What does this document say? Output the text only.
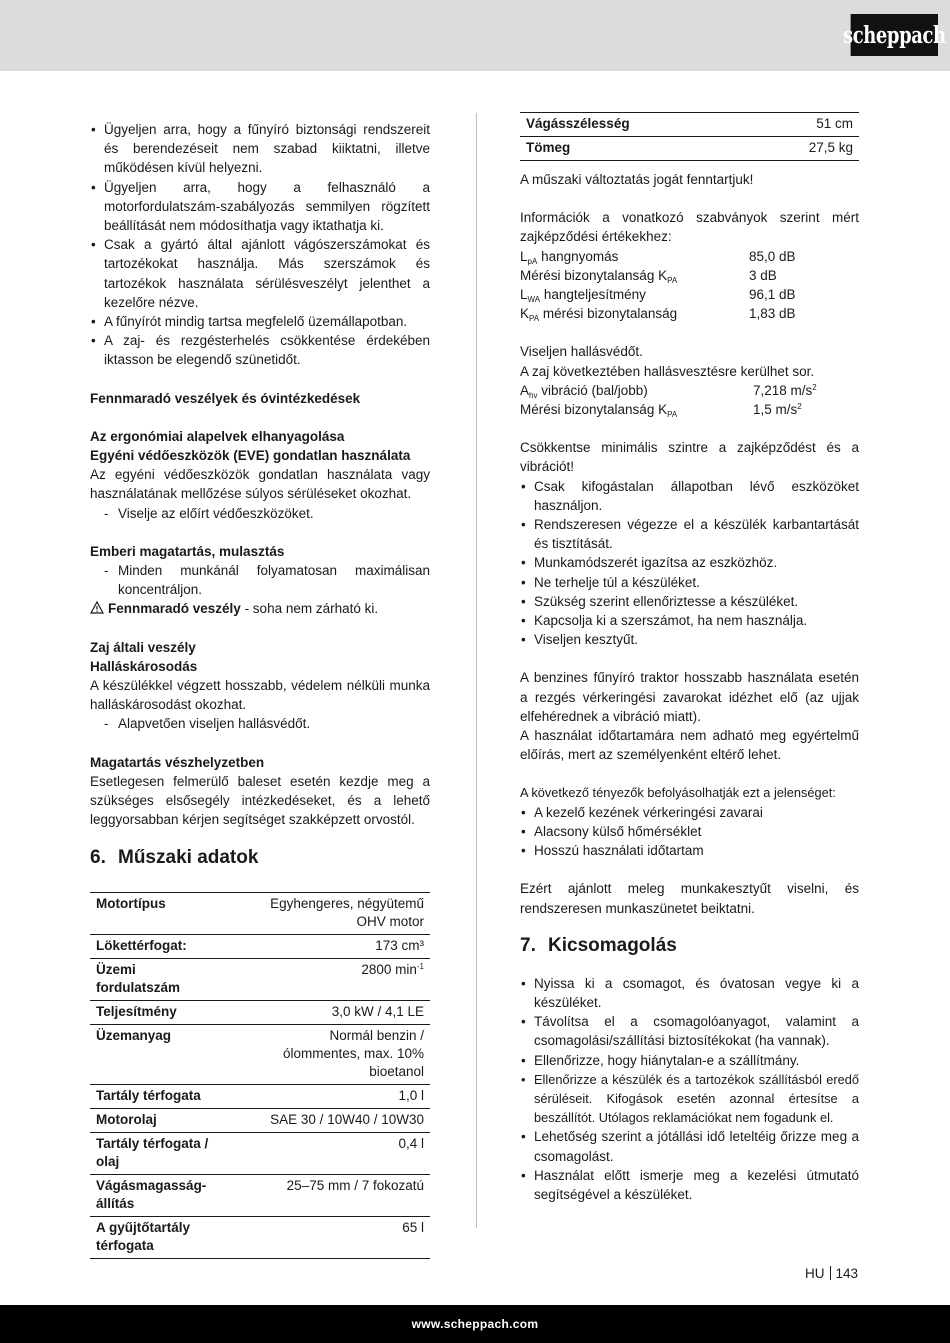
scheppach
• Ügyeljen arra, hogy a fűnyíró biztonsági rendszereit és berendezéseit nem szabad kiiktatni, illetve működésen kívül helyezni.
• Ügyeljen arra, hogy a felhasználó a motorfordulatszám-szabályozás semmilyen rögzített beállítását nem módosíthatja vagy iktathatja ki.
• Csak a gyártó által ajánlott vágószerszámokat és tartozékokat használja. Más szerszámok és tartozékok használata sérülésveszélyt jelenthet a kezelőre nézve.
• A fűnyírót mindig tartsa megfelelő üzemállapotban.
• A zaj- és rezgésterhelés csökkentése érdekében iktasson be elegendő szünetidőt.

Fennmaradó veszélyek és óvintézkedések

Az ergonómiai alapelvek elhanyagolása

Egyéni védőeszközök (EVE) gondatlan használata

Az egyéni védőeszközök gondatlan használata vagy használatának mellőzése súlyos sérüléseket okozhat.

- Viselje az előírt védőeszközöket.

Emberi magatartás, mulasztás

- Minden munkánál folyamatosan maximálisan koncentráljon.

Fennmaradó veszély - soha nem zárható ki.

Zaj általi veszély

Halláskárosodás

A készülékkel végzett hosszabb, védelem nélküli munka halláskárosodást okozhat.

- Alapvetően viseljen hallásvédőt.

Magatartás vészhelyzetben

Esetlegesen felmerülő baleset esetén kezdje meg a szükséges elsősegély intézkedéseket, és a lehető leggyorsabban kérjen segítséget szakképzett orvostól.

6. Műszaki adatok

Motortípus	Egyhengeres, négyütemű OHV motor
Lökettérfogat:	173 cm³
Üzemi fordulatszám	2800 $\min^{-1}$
Teljesítmény	3,0 kW / 4,1 LE
Üzemanyag	Normál benzin / ólommentes, max. 10% bioetanol
Tartály térfogata	1,0 l
Motorolaj	SAE 30 / 10W40 / 10W30
Tartály térfogata / olaj	0,4 l
Vágásmagasság-állítás	25–75 mm / 7 fokozatú
A gyűjtőtartály térfogata	65 l
Vágásszélesség	51 cm
Tömeg	27,5 kg

A műszaki változtatás jogát fenntartjuk!

Információk a vonatkozó szabványok szerint mért zajképződési értékekhez:

$L_{pA}$ hangnyomás	85,0 dB
Mérési bizonytalanság $K_{PA}$	3 dB
$L_{WA}$ hangteljesítmény	96,1 dB
$K_{PA}$ mérési bizonytalanság	1,83 dB

Viseljen hallásvédőt.

A zaj következtében hallásvesztésre kerülhet sor.

$A_{hv}$ vibráció (bal/jobb)	7,218 $m/s^2$
Mérési bizonytalanság $K_{PA}$	1,5 $m/s^2$

Csökkentse minimális szintre a zajképződést és a vibrációt!

• Csak kifogástalan állapotban lévő eszközöket használjon.
• Rendszeresen végezze el a készülék karbantartását és tisztítását.
• Munkamódszerét igazítsa az eszközhöz.
• Ne terhelje túl a készüléket.
• Szükség szerint ellenőriztesse a készüléket.
• Kapcsolja ki a szerszámot, ha nem használja.
• Viseljen kesztyűt.

A benzines fűnyíró traktor hosszabb használata esetén a rezgés vérkeringési zavarokat idézhet elő (az ujjak elfehérednek a vibráció miatt).

A használat időtartamára nem adható meg egyértelmű előírás, mert az személyenként eltérő lehet.

A következő tényezők befolyásolhatják ezt a jelenséget:

• A kezelő kezének vérkeringési zavarai
• Alacsony külső hőmérséklet
• Hosszú használati időtartam

Ezért ajánlott meleg munkakesztyűt viselni, és rendszeresen munkaszünetet beiktatni.

7. Kicsomagolás

• Nyissa ki a csomagot, és óvatosan vegye ki a készüléket.
• Távolítsa el a csomagolóanyagot, valamint a csomagolási/szállítási biztosítékokat (ha vannak).
• Ellenőrizze, hogy hiánytalan-e a szállítmány.
• Ellenőrizze a készülék és a tartozékok szállításból eredő sérüléseit. Kifogások esetén azonnal értesítse a beszállítót. Utólagos reklamációkat nem fogadunk el.
• Lehetőség szerint a jótállási idő leteltéig őrizze meg a csomagolást.
• Használat előtt ismerje meg a kezelési útmutató segítségével a készüléket.
HU 143
www.scheppach.com
